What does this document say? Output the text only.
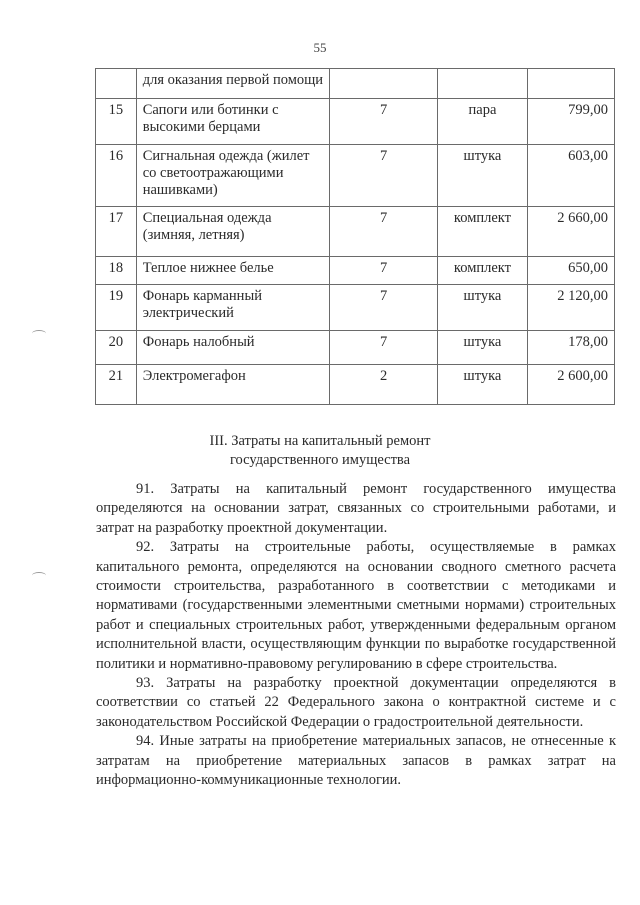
55
	для оказания первой помощи			
15	Сапоги или ботинки с высокими берцами	7	пара	799,00
16	Сигнальная одежда (жилет со светоотражающими нашивками)	7	штука	603,00
17	Специальная одежда (зимняя, летняя)	7	комплект	2 660,00
18	Теплое нижнее белье	7	комплект	650,00
19	Фонарь карманный электрический	7	штука	2 120,00
20	Фонарь налобный	7	штука	178,00
21	Электромегафон	2	штука	2 600,00
III. Затраты на капитальный ремонт
государственного имущества

91. Затраты на капитальный ремонт государственного имущества определяются на основании затрат, связанных со строительными работами, и затрат на разработку проектной документации.

92. Затраты на строительные работы, осуществляемые в рамках капитального ремонта, определяются на основании сводного сметного расчета стоимости строительства, разработанного в соответствии с методиками и нормативами (государственными элементными сметными нормами) строительных работ и специальных строительных работ, утвержденными федеральным органом исполнительной власти, осуществляющим функции по выработке государственной политики и нормативно-правовому регулированию в сфере строительства.

93. Затраты на разработку проектной документации определяются в соответствии со статьей 22 Федерального закона о контрактной системе и с законодательством Российской Федерации о градостроительной деятельности.

94. Иные затраты на приобретение материальных запасов, не отнесенные к затратам на приобретение материальных запасов в рамках затрат на информационно-коммуникационные технологии.
